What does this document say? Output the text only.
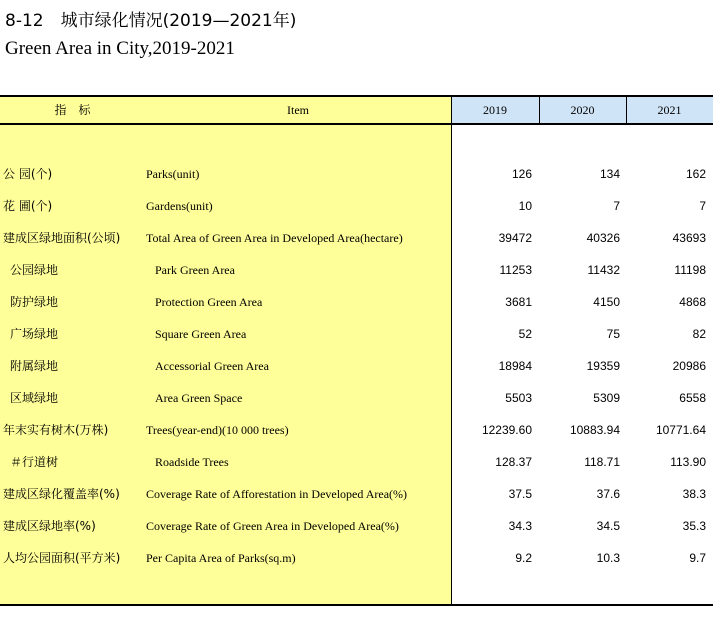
8-12　城市绿化情况(2019—2021年)
Green Area in City,2019-2021
指　标	Item	2019	2020	2021
公 园(个)	Parks(unit)	126	134	162
花 圃(个)	Gardens(unit)	10	7	7
建成区绿地面积(公顷) Total Area of Green Area in Developed Area(hectare)	39472	40326	43693
公园绿地	Park Green Area	11253	11432	11198
防护绿地	Protection Green Area	3681	4150	4868
广场绿地	Square Green Area	52	75	82
附属绿地	Accessorial Green Area	18984	19359	20986
区域绿地	Area Green Space	5503	5309	6558
年末实有树木(万株)	Trees(year-end)(10 000 trees)	12239.60	10883.94	10771.64
＃行道树	Roadside Trees	128.37	118.71	113.90
建成区绿化覆盖率(%) Coverage Rate of Afforestation in Developed Area(%)	37.5	37.6	38.3
建成区绿地率(%)	Coverage Rate of Green Area in Developed Area(%)	34.3	34.5	35.3
人均公园面积(平方米) Per Capita Area of Parks(sq.m)	9.2	10.3	9.7
